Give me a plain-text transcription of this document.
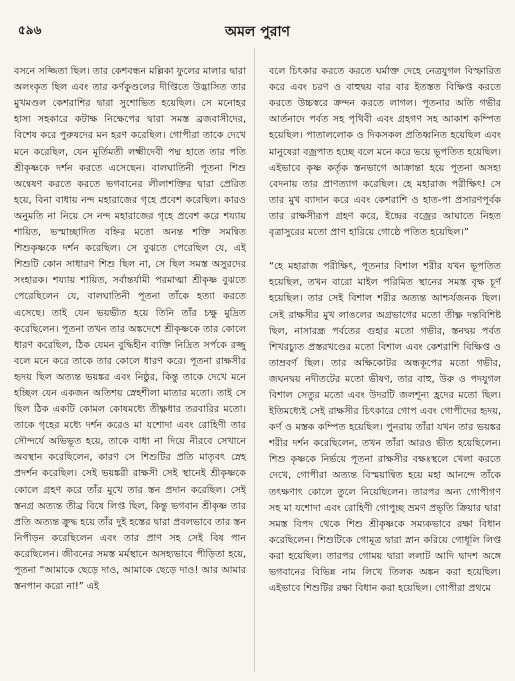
৫৯৬	অমল পুরাণ

বসনে সজ্জিতা ছিল। তার কেশবন্ধন মল্লিকা ফুলের মালার দ্বারা অলংকৃত ছিল এবং তার কর্ণকুণ্ডলের দীপ্তিতে উদ্ভাসিত তার মুখমণ্ডল কেশরাশির দ্বারা সুশোভিত হয়েছিল। সে মনোহর হাস্য সহকারে কটাক্ষ নিক্ষেপের দ্বারা সমস্ত ব্রজবাসীদের, বিশেষ করে পুরুষদের মন হরণ করেছিল। গোপীরা তাকে দেখে মনে করেছিল, যেন মূর্তিমতী লক্ষ্মীদেবী পদ্ম হাতে তার পতি শ্রীকৃষ্ণকে দর্শন করতে এসেছেন। বালঘাতিনী পূতনা শিশু অন্বেষণ করতে করতে ভগবানের লীলাশক্তির দ্বারা প্রেরিত হয়ে, বিনা বাধায় নন্দ মহারাজের গৃহে প্রবেশ করেছিল। কারও অনুমতি না নিয়ে সে নন্দ মহারাজের গৃহে প্রবেশ করে শয্যায় শায়িত, ভস্মাচ্ছাদিত বহ্নির মতো অনন্ত শক্তি সমন্বিত শিশুকৃষ্ণকে দর্শন করেছিল। সে বুঝতে পেরেছিল যে, এই শিশুটি কোন সাধারণ শিশু ছিল না, সে ছিল সমস্ত অসুরদের সংহারক। শয্যায় শায়িত, সর্বান্তর্যামী পরমাত্মা শ্রীকৃষ্ণ বুঝতে পেরেছিলেন যে, বালঘাতিনী পূতনা তাঁকে হত্যা করতে এসেছে। তাই যেন ভয়ভীত হয়ে তিনি তাঁর চক্ষু মুদ্রিত করেছিলেন। পূতনা তখন তার অঙ্কদেশে শ্রীকৃষ্ণকে তার কোলে ধারণ করেছিল, ঠিক যেমন বুদ্ধিহীন ব্যক্তি নিদ্রিত সর্পকে রজ্জু বলে মনে করে তাকে তার কোলে ধারণ করে। পূতনা রাক্ষসীর হৃদয় ছিল অত্যন্ত ভয়ঙ্কর এবং নিষ্ঠুর, কিন্তু তাকে দেখে মনে হচ্ছিল যেন একজন অতিশয় স্নেহশীলা মাতার মতো। তাই সে ছিল ঠিক একটি কোমল কোষমধ্যে তীক্ষ্ণধার তরবারির মতো। তাকে গৃহের মধ্যে দর্শন করেও মা যশোদা এবং রোহিণী তার সৌন্দর্যে অভিভূত হয়ে, তাকে বাধা না দিয়ে নীরবে সেখানে অবস্থান করেছিলেন, কারণ সে শিশুটির প্রতি মাতৃবৎ স্নেহ প্রদর্শন করেছিল। সেই ভয়ঙ্করী রাক্ষসী সেই স্থানেই শ্রীকৃষ্ণকে কোলে গ্রহণ করে তাঁর মুখে তার স্তন প্রদান করেছিল। সেই স্তনগ্র অত্যন্ত তীব্র বিষে লিপ্ত ছিল, কিন্তু ভগবান শ্রীকৃষ্ণ তার প্রতি অত্যন্ত ক্রুদ্ধ হয়ে তাঁর দুই হস্তের দ্বারা প্রবলভাবে তার স্তন নিপীড়ন করেছিলেন এবং তার প্রাণ সহ সেই বিষ পান করেছিলেন। জীবনের সমস্ত মর্মস্থানে অসহ্যভাবে পীড়িতা হয়ে, পূতনা “আমাকে ছেড়ে দাও, আমাকে ছেড়ে দাও! আর আমার স্তনপান করো না!” এই

বলে চিৎকার করতে করতে ঘর্মাক্ত দেহে নেত্রযুগল বিস্ফারিত করে এবং চরণ ও বাহুদ্বয় বার বার ইতস্তত বিক্ষিপ্ত করতে করতে উচ্চস্বরে ক্রন্দন করতে লাগল। পূতনার অতি গভীর আর্তনাদে পর্বত সহ পৃথিবী এবং গ্রহগণ সহ আকাশ কম্পিত হয়েছিল। পাতাললোক ও দিকসকল প্রতিধ্বনিত হয়েছিল এবং মানুষেরা বজ্রপাত হচ্ছে বলে মনে করে ভয়ে ভূপতিত হয়েছিল। এইভাবে কৃষ্ণ কর্তৃক স্তনভাগে আক্রান্তা হয়ে পূতনা অসহ্য বেদনায় তার প্রাণত্যাগ করেছিল। হে মহারাজ পরীক্ষিৎ! সে তার মুখ ব্যাদান করে এবং কেশরাশি ও হাত-পা প্রসারণপূর্বক তার রাক্ষসীরূপ গ্রহণ করে, ইন্দ্রের বজ্রের আঘাতে নিহত বৃত্রাসুরের মতো প্রাণ হারিয়ে গোষ্ঠে পতিত হয়েছিল।”

“হে মহারাজ পরীক্ষিৎ, পূতনার বিশাল শরীর যখন ভূপতিত হয়েছিল, তখন বারো মাইল পরিমিত স্থানের সমস্ত বৃক্ষ চূর্ণ হয়েছিল। তার সেই বিশাল শরীর অত্যন্ত আশ্চর্যজনক ছিল। সেই রাক্ষসীর মুখ লাঙলের অগ্রভাগের মতো তীক্ষ্ণ দন্তবিশিষ্ট ছিল, নাসারন্ধ্র পর্বতের গুহার মতো গভীর, স্তনদ্বয় পর্বত শিখরচ্যুত প্রস্তরখণ্ডের মতো বিশাল এবং কেশরাশি বিক্ষিপ্ত ও তাম্রবর্ণ ছিল। তার অক্ষিকোটর অন্ধকূপের মতো গভীর, জঘনদ্বয় নদীতটের মতো ভীষণ, তার বাহু, উরু ও পদযুগল বিশাল সেতুর মতো এবং উদরটি জলশূন্য হ্রদের মতো ছিল। ইতিমধ্যেই সেই রাক্ষসীর চিৎকারে গোপ এবং গোপীদের হৃদয়, কর্ণ ও মস্তক কম্পিত হয়েছিল। পুনরায় তাঁরা যখন তার ভয়ঙ্কর শরীর দর্শন করেছিলেন, তখন তাঁরা আরও ভীত হয়েছিলেন। শিশু কৃষ্ণকে নির্ভয়ে পূতনা রাক্ষসীর বক্ষঃস্থলে খেলা করতে দেখে, গোপীরা অত্যন্ত বিস্ময়ান্বিত হয়ে মহা আনন্দে তাঁকে তৎক্ষণাৎ কোলে তুলে নিয়েছিলেন। তারপর অন্য গোপীগণ সহ মা যশোদা এবং রোহিণী গোপুচ্ছ ভ্রমণ প্রভৃতি ক্রিয়ার দ্বারা সমস্ত বিপদ থেকে শিশু শ্রীকৃষ্ণকে সম্যকভাবে রক্ষা বিধান করেছিলেন। শিশুটিকে গোমূত্র দ্বারা স্নান করিয়ে গোধূলি লিপ্ত করা হয়েছিল। তারপর গোময় দ্বারা ললাট আদি দ্বাদশ অঙ্গে ভগবানের বিভিন্ন নাম লিখে তিলক অঙ্কন করা হয়েছিল। এইভাবে শিশুটির রক্ষা বিধান করা হয়েছিল। গোপীরা প্রথমে
